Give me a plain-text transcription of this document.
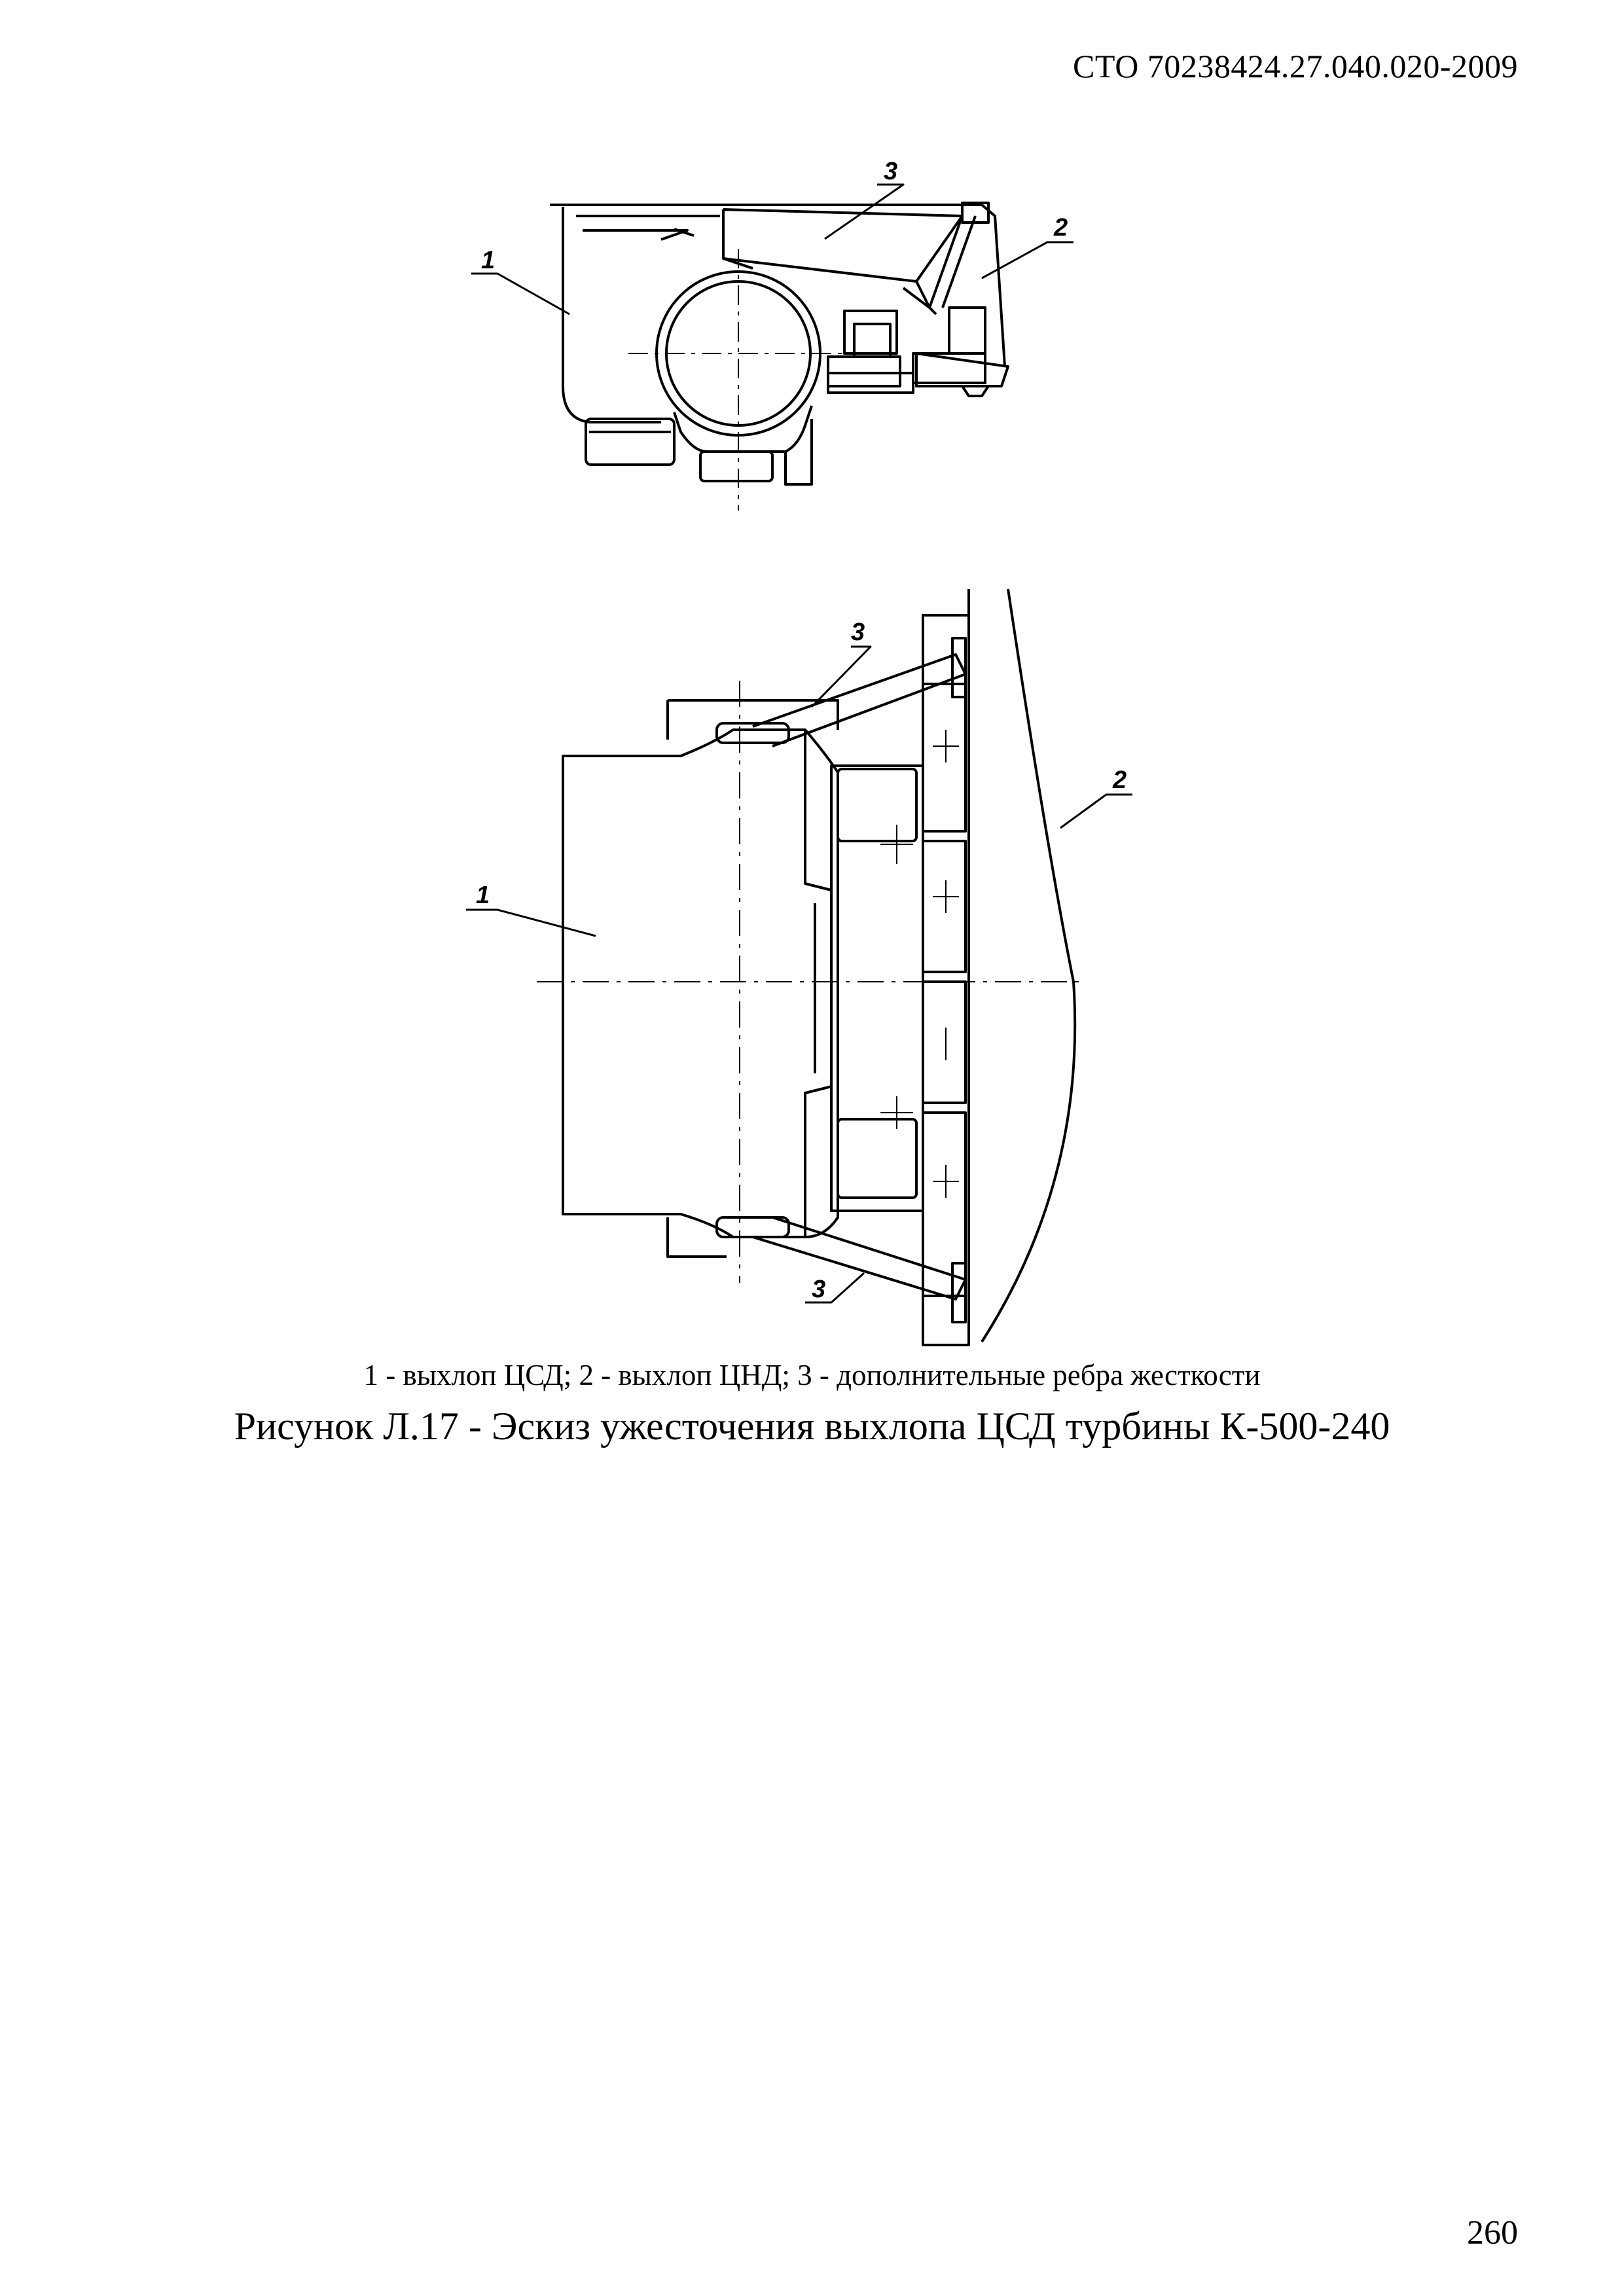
СТО 70238424.27.040.020-2009
1
3
2
1
3
2
3
1 - выхлоп ЦСД; 2 - выхлоп ЦНД; 3 - дополнительные ребра жесткости
Рисунок Л.17 - Эскиз ужесточения выхлопа ЦСД турбины К-500-240
260
